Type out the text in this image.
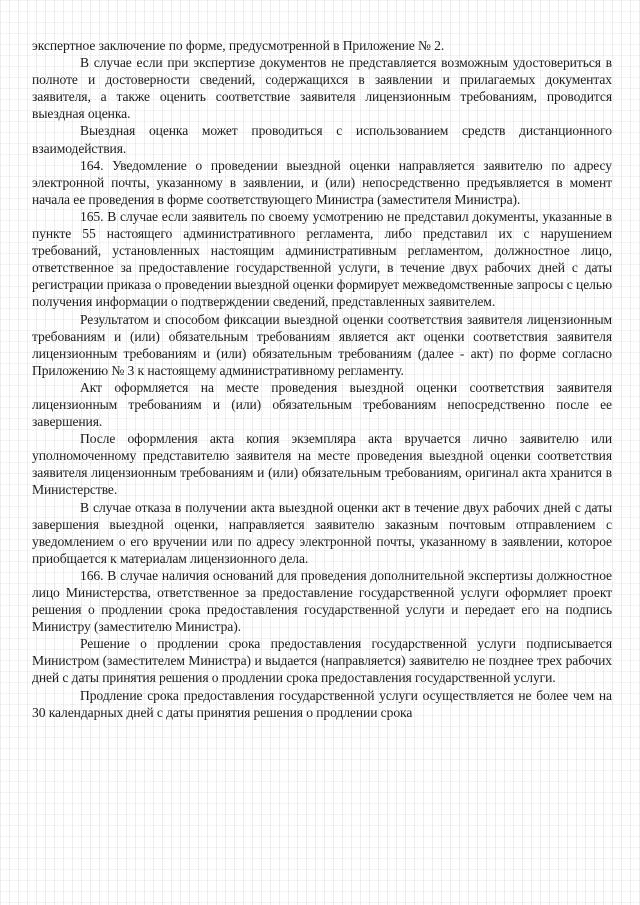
экспертное заключение по форме, предусмотренной в Приложение № 2.

В случае если при экспертизе документов не представляется возможным удостовериться в полноте и достоверности сведений, содержащихся в заявлении и прилагаемых документах заявителя, а также оценить соответствие заявителя лицензионным требованиям, проводится выездная оценка.

Выездная оценка может проводиться с использованием средств дистанционного взаимодействия.

164. Уведомление о проведении выездной оценки направляется заявителю по адресу электронной почты, указанному в заявлении, и (или) непосредственно предъявляется в момент начала ее проведения в форме соответствующего Министра (заместителя Министра).

165. В случае если заявитель по своему усмотрению не представил документы, указанные в пункте 55 настоящего административного регламента, либо представил их с нарушением требований, установленных настоящим административным регламентом, должностное лицо, ответственное за предоставление государственной услуги, в течение двух рабочих дней с даты регистрации приказа о проведении выездной оценки формирует межведомственные запросы с целью получения информации о подтверждении сведений, представленных заявителем.

Результатом и способом фиксации выездной оценки соответствия заявителя лицензионным требованиям и (или) обязательным требованиям является акт оценки соответствия заявителя лицензионным требованиям и (или) обязательным требованиям (далее - акт) по форме согласно Приложению № 3 к настоящему административному регламенту.

Акт оформляется на месте проведения выездной оценки соответствия заявителя лицензионным требованиям и (или) обязательным требованиям непосредственно после ее завершения.

После оформления акта копия экземпляра акта вручается лично заявителю или уполномоченному представителю заявителя на месте проведения выездной оценки соответствия заявителя лицензионным требованиям и (или) обязательным требованиям, оригинал акта хранится в Министерстве.

В случае отказа в получении акта выездной оценки акт в течение двух рабочих дней с даты завершения выездной оценки, направляется заявителю заказным почтовым отправлением с уведомлением о его вручении или по адресу электронной почты, указанному в заявлении, которое приобщается к материалам лицензионного дела.

166. В случае наличия оснований для проведения дополнительной экспертизы должностное лицо Министерства, ответственное за предоставление государственной услуги оформляет проект решения о продлении срока предоставления государственной услуги и передает его на подпись Министру (заместителю Министра).

Решение о продлении срока предоставления государственной услуги подписывается Министром (заместителем Министра) и выдается (направляется) заявителю не позднее трех рабочих дней с даты принятия решения о продлении срока предоставления государственной услуги.

Продление срока предоставления государственной услуги осуществляется не более чем на 30 календарных дней с даты принятия решения о продлении срока
